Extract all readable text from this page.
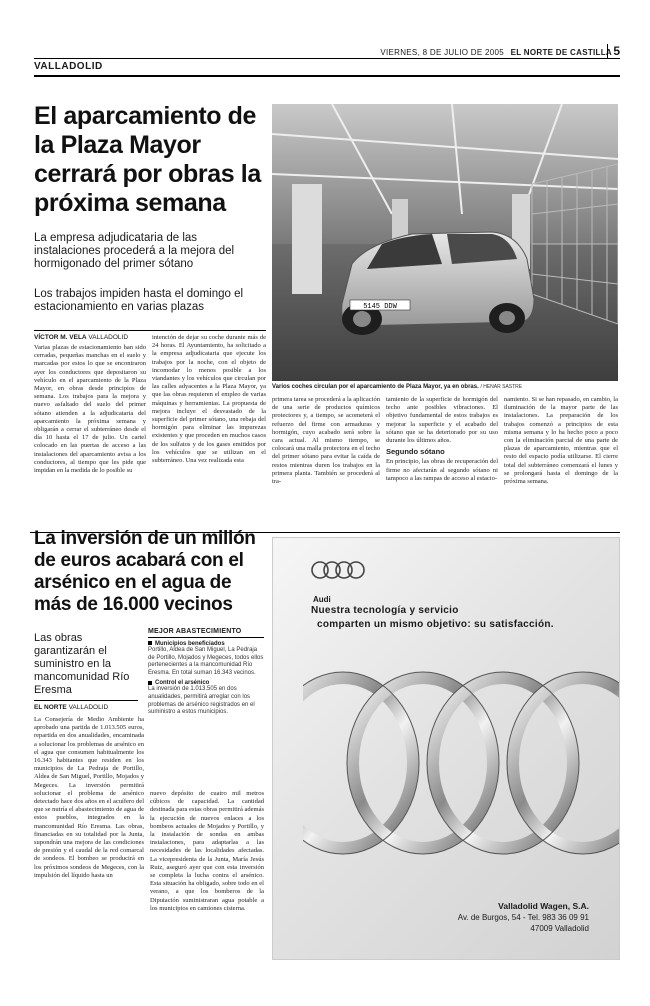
VIERNES, 8 DE JULIO DE 2005 EL NORTE DE CASTILLA 5
VALLADOLID
El aparcamiento de la Plaza Mayor cerrará por obras la próxima semana
La empresa adjudicataria de las instalaciones procederá a la mejora del hormigonado del primer sótano
Los trabajos impiden hasta el domingo el estacionamiento en varias plazas
VÍCTOR M. VELA VALLADOLID
Varias plazas de estacionamiento han sido cerradas, pequeñas manchas en el suelo y marcadas por estos lo que se encontraron ayer los conductores que depositaron su vehículo en el aparcamiento de la Plaza Mayor, en obras desde principios de semana. Los trabajos para la mejora y nuevo asfaltado del suelo del primer sótano atienden a la adjudicataria del aparcamiento la próxima semana y obligarán a cerrar el subterráneo desde el día 10 hasta el 17 de julio. Un cartel colocado en las puertas de acceso a las instalaciones del aparcamiento avisa a los conductores, al tiempo que les pide que impidan en la medida de lo posible su
intención de dejar su coche durante más de 24 horas. El Ayuntamiento, ha solicitado a la empresa adjudicataria que ejecute los trabajos por la noche, con el objeto de incomodar lo menos posible a los viandantes y los vehículos que circulan por las calles adyacentes a la Plaza Mayor, ya que las obras requieren el empleo de varias máquinas y herramientas. La propuesta de mejora incluye el desvastado de la superficie del primer sótano, una rebaja del hormigón para eliminar las impurezas existentes y que proceden en muchos casos de los sulfatos y de los gases emitidos por los vehículos que se utilizan en el subterráneo. Una vez realizada esta
5145 DDW
Varios coches circulan por el aparcamiento de Plaza Mayor, ya en obras. / HENAR SASTRE
primera tarea se procederá a la aplicación de una serie de productos químicos protectores y, a tiempo, se acometerá el refuerzo del firme con armaduras y hormigón, cuyo acabado será sobre la cara actual. Al mismo tiempo, se colocará una malla protectora en el techo del primer sótano para evitar la caída de restos mientras duren los trabajos en la primera planta. También se procederá al tra-
tamiento de la superficie de hormigón del techo ante posibles vibraciones. El objetivo fundamental de estos trabajos es mejorar la superficie y el acabado del sótano que se ha deteriorado por su uso durante los últimos años.
Segundo sótano
En principio, las obras de recuperación del firme no afectarán al segundo sótano ni tampoco a las rampas de acceso al estacio-
namiento. Si se han repasado, en cambio, la iluminación de la mayor parte de las instalaciones. La preparación de los trabajos comenzó a principios de esta misma semana y lo ha hecho poco a poco con la eliminación parcial de una parte de plazas de aparcamiento, mientras que el resto del espacio podía utilizarse. El cierre total del subterráneo comenzará el lunes y se prolongará hasta el domingo de la próxima semana.
La inversión de un millón de euros acabará con el arsénico en el agua de más de 16.000 vecinos
Las obras garantizarán el suministro en la mancomunidad Río Eresma
MEJOR ABASTECIMIENTO
Municipios beneficiados
Portillo, Aldea de San Miguel, La Pedraja de Portillo, Mojados y Megeces, todos ellos pertenecientes a la mancomunidad Río Eresma. En total suman 16.343 vecinos.
Control el arsénico
La inversión de 1.013.505 en dos anualidades, permitirá arreglar con los problemas de arsénico registrados en el suministro a estos municipios.
EL NORTE VALLADOLID
La Consejería de Medio Ambiente ha aprobado una partida de 1.013.505 euros, repartida en dos anualidades, encaminada a solucionar los problemas de arsénico en el agua que consumen habitualmente los 16.343 habitantes que residen en los municipios de La Pedraja de Portillo, Aldea de San Miguel, Portillo, Mojados y Megeces. La inversión permitirá solucionar el problema de arsénico detectado hace dos años en el acuífero del que se nutría el abastecimiento de agua de estos pueblos, integrados en la mancomunidad Río Eresma. Las obras, financiadas en su totalidad por la Junta, supondrán una mejora de las condiciones de presión y el caudal de la red comarcal de sondeos. El bombeo se producirá en los próximos sondeos de Megeces, con la impulsión del líquido hasta un
nuevo depósito de cuatro mil metros cúbicos de capacidad. La cantidad destinada para estas obras permitirá además la ejecución de nuevos enlaces a los bombeos actuales de Mojados y Portillo, y la instalación de sondas en ambas instalaciones, para adaptarlas a las necesidades de las localidades afectadas. La vicepresidenta de la Junta, María Jesús Ruiz, aseguró ayer que con esta inversión se completa la lucha contra el arsénico. Esta situación ha obligado, sobre todo en el verano, a que los bomberos de la Diputación suministraran agua potable a los municipios en camiones cisterna.
Audi
Nuestra tecnología y servicio
comparten un mismo objetivo: su satisfacción.
Valladolid Wagen, S.A.
Av. de Burgos, 54 - Tel. 983 36 09 91
47009 Valladolid
